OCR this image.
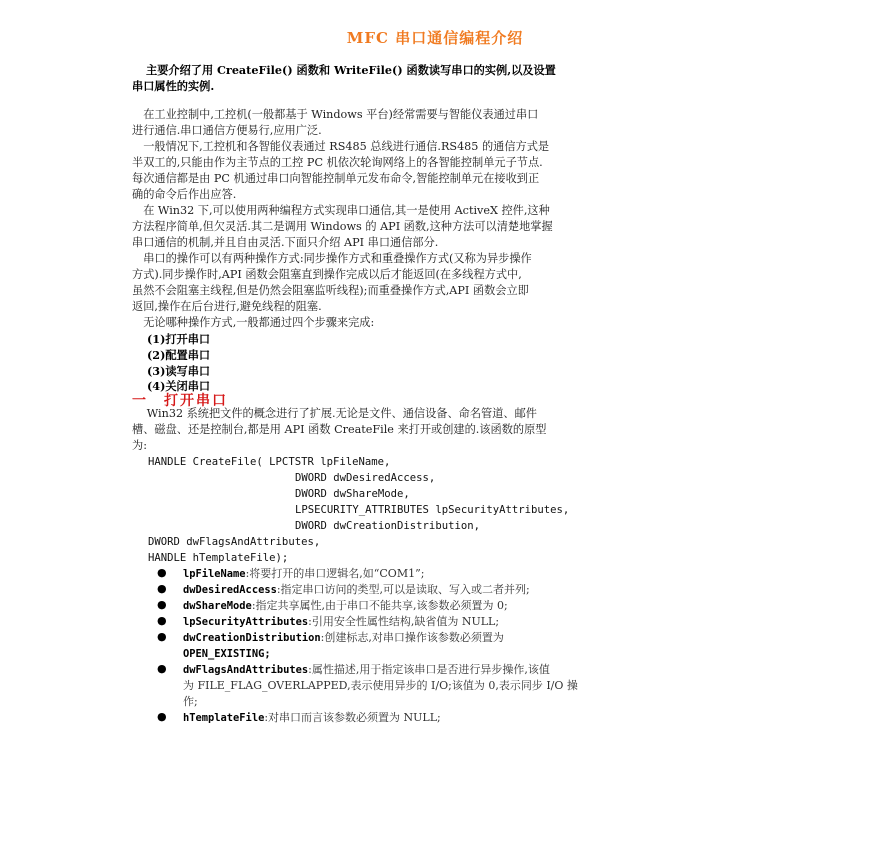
MFC 串口通信编程介绍
主要介绍了用 CreateFile() 函数和 WriteFile() 函数读写串口的实例,以及设置
串口属性的实例.
　在工业控制中,工控机(一般都基于 Windows 平台)经常需要与智能仪表通过串口
进行通信.串口通信方便易行,应用广泛.
　一般情况下,工控机和各智能仪表通过 RS485 总线进行通信.RS485 的通信方式是
半双工的,只能由作为主节点的工控 PC 机依次轮询网络上的各智能控制单元子节点.
每次通信都是由 PC 机通过串口向智能控制单元发布命令,智能控制单元在接收到正
确的命令后作出应答.
　在 Win32 下,可以使用两种编程方式实现串口通信,其一是使用 ActiveX 控件,这种
方法程序简单,但欠灵活.其二是调用 Windows 的 API 函数,这种方法可以清楚地掌握
串口通信的机制,并且自由灵活.下面只介绍 API 串口通信部分.
　串口的操作可以有两种操作方式:同步操作方式和重叠操作方式(又称为异步操作
方式).同步操作时,API 函数会阻塞直到操作完成以后才能返回(在多线程方式中,
虽然不会阻塞主线程,但是仍然会阻塞监听线程);而重叠操作方式,API 函数会立即
返回,操作在后台进行,避免线程的阻塞.
　无论哪种操作方式,一般都通过四个步骤来完成:
(1)打开串口
(2)配置串口
(3)读写串口
(4)关闭串口
一　打开串口
　 Win32 系统把文件的概念进行了扩展.无论是文件、通信设备、命名管道、邮件
槽、磁盘、还是控制台,都是用 API 函数 CreateFile 来打开或创建的.该函数的原型
为:
HANDLE CreateFile( LPCTSTR lpFileName,
DWORD dwDesiredAccess,
DWORD dwShareMode,
LPSECURITY_ATTRIBUTES lpSecurityAttributes,
DWORD dwCreationDistribution,
DWORD dwFlagsAndAttributes,
HANDLE hTemplateFile);
● lpFileName:将要打开的串口逻辑名,如“COM1”;
● dwDesiredAccess:指定串口访问的类型,可以是读取、写入或二者并列;
● dwShareMode:指定共享属性,由于串口不能共享,该参数必须置为 0;
● lpSecurityAttributes:引用安全性属性结构,缺省值为 NULL;
● dwCreationDistribution:创建标志,对串口操作该参数必须置为
OPEN_EXISTING;
● dwFlagsAndAttributes:属性描述,用于指定该串口是否进行异步操作,该值
为 FILE_FLAG_OVERLAPPED,表示使用异步的 I/O;该值为 0,表示同步 I/O 操
作;
● hTemplateFile:对串口而言该参数必须置为 NULL;
